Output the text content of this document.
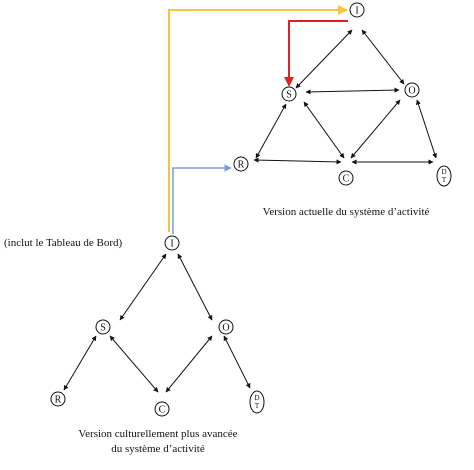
I
S	O
R
C
D
T
Version actuelle du système d’activité
I
S	O
R
C
D
T
(inclut le Tableau de Bord)
Version culturellement plus avancée
du système d’activité
